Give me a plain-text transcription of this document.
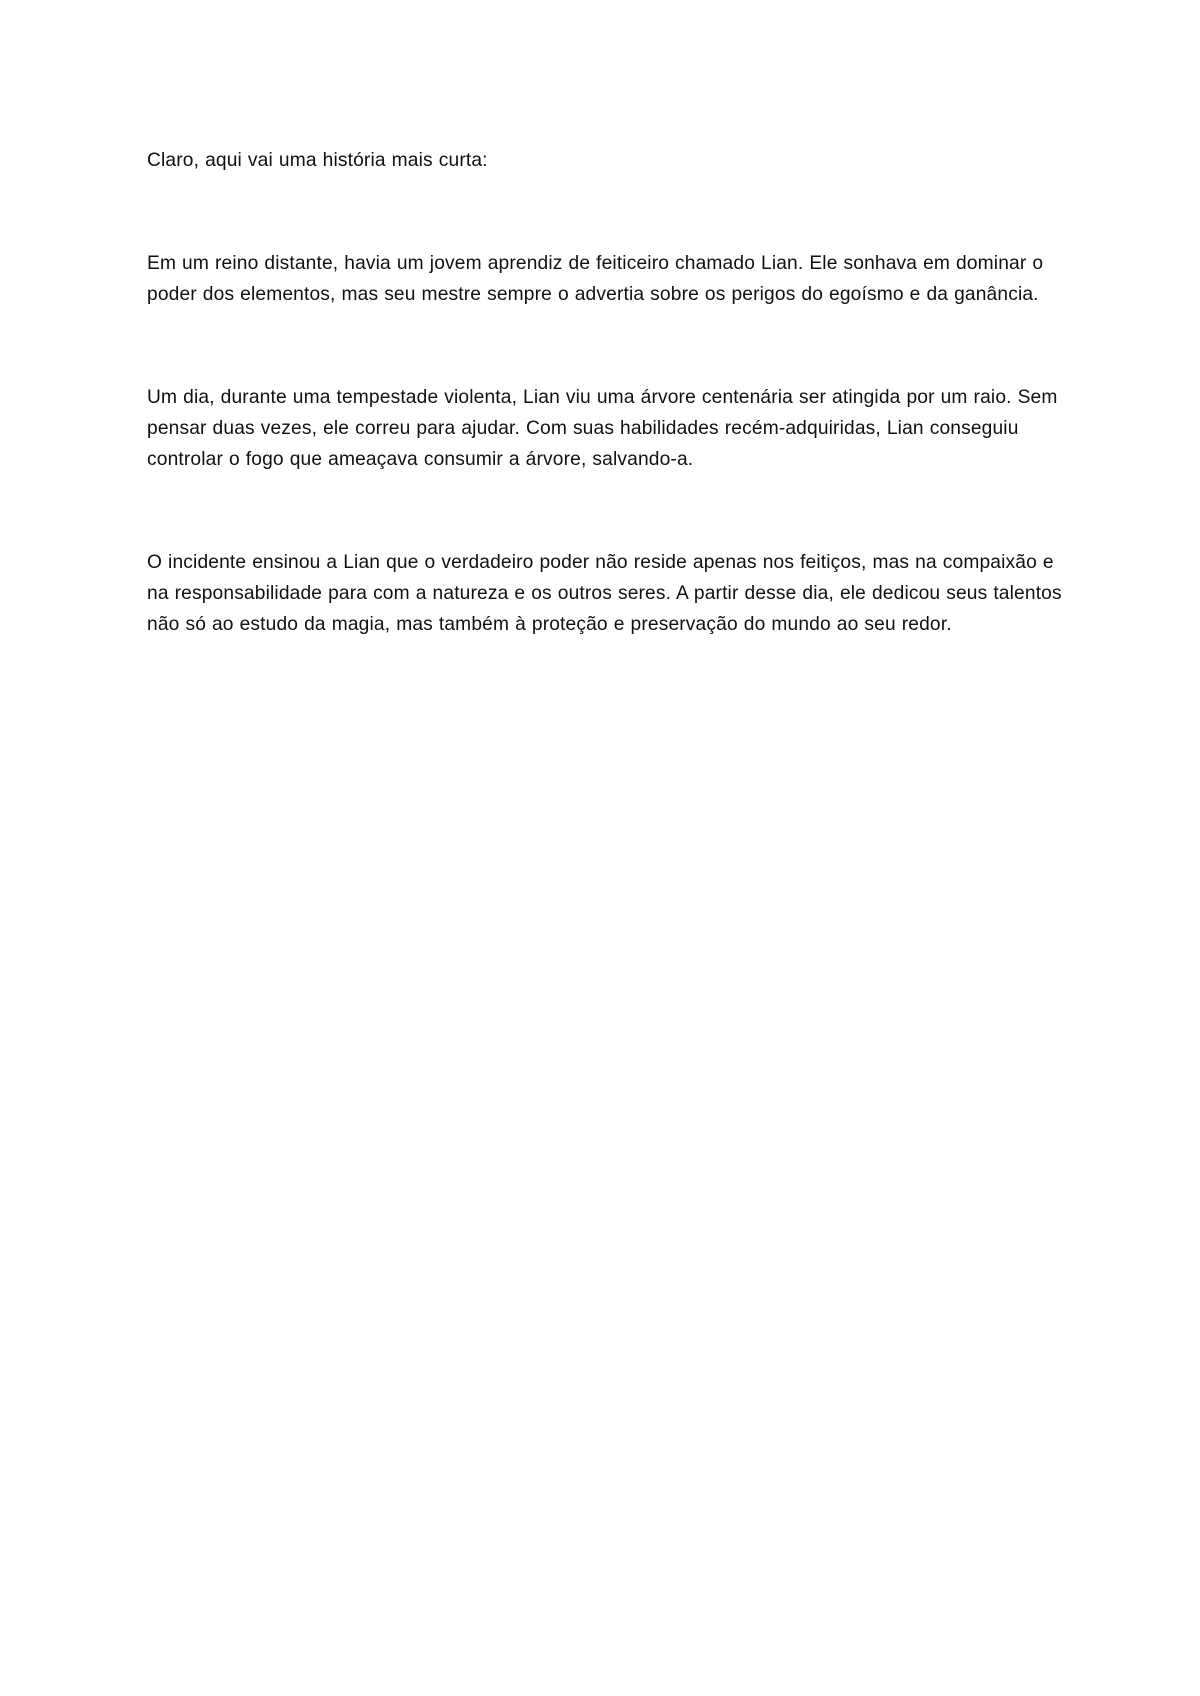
Claro, aqui vai uma história mais curta:

Em um reino distante, havia um jovem aprendiz de feiticeiro chamado Lian. Ele sonhava em dominar o poder dos elementos, mas seu mestre sempre o advertia sobre os perigos do egoísmo e da ganância.

Um dia, durante uma tempestade violenta, Lian viu uma árvore centenária ser atingida por um raio. Sem pensar duas vezes, ele correu para ajudar. Com suas habilidades recém-adquiridas, Lian conseguiu controlar o fogo que ameaçava consumir a árvore, salvando-a.

O incidente ensinou a Lian que o verdadeiro poder não reside apenas nos feitiços, mas na compaixão e na responsabilidade para com a natureza e os outros seres. A partir desse dia, ele dedicou seus talentos não só ao estudo da magia, mas também à proteção e preservação do mundo ao seu redor.
